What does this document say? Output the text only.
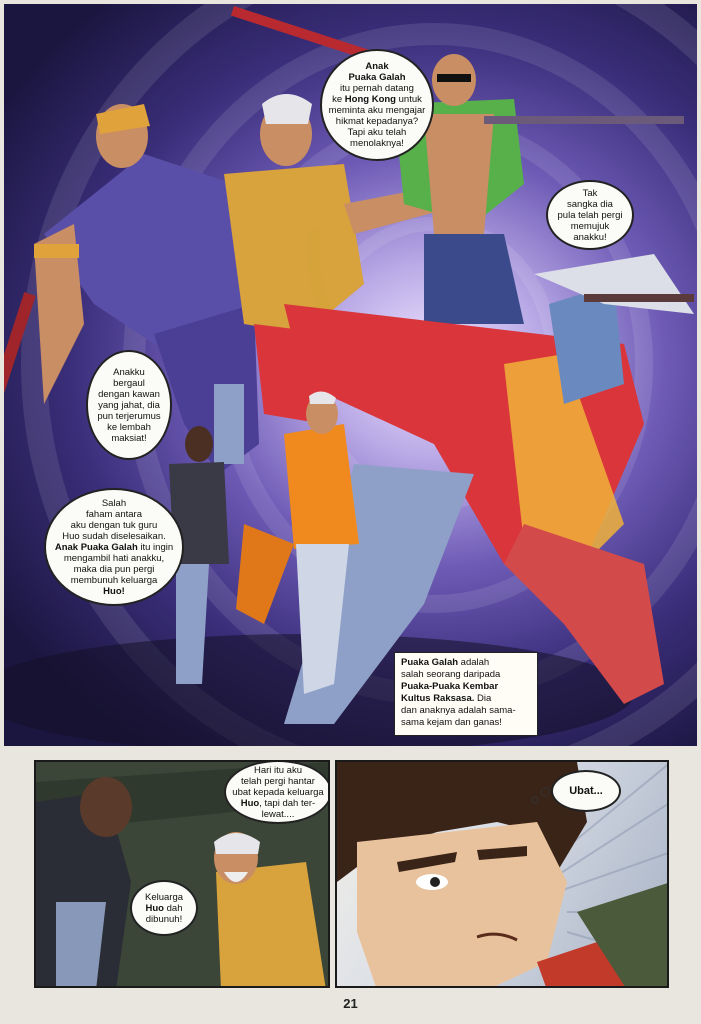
Anak
Puaka Galah
itu pernah datang
ke Hong Kong untuk
meminta aku mengajar
hikmat kepadanya?
Tapi aku telah
menolaknya!
Tak
sangka dia
pula telah pergi
memujuk
anakku!
Anakku
bergaul
dengan kawan
yang jahat, dia
pun terjerumus
ke lembah
maksiat!
Salah
faham antara
aku dengan tuk guru
Huo sudah diselesaikan.
Anak Puaka Galah itu ingin
mengambil hati anakku,
maka dia pun pergi
membunuh keluarga
Huo!
Puaka Galah adalah
salah seorang daripada
Puaka-Puaka Kembar
Kultus Raksasa. Dia
dan anaknya adalah sama-
sama kejam dan ganas!
Hari itu aku
telah pergi hantar
ubat kepada keluarga
Huo, tapi dah ter-
lewat....
Keluarga
Huo dah
dibunuh!
Ubat...
21
